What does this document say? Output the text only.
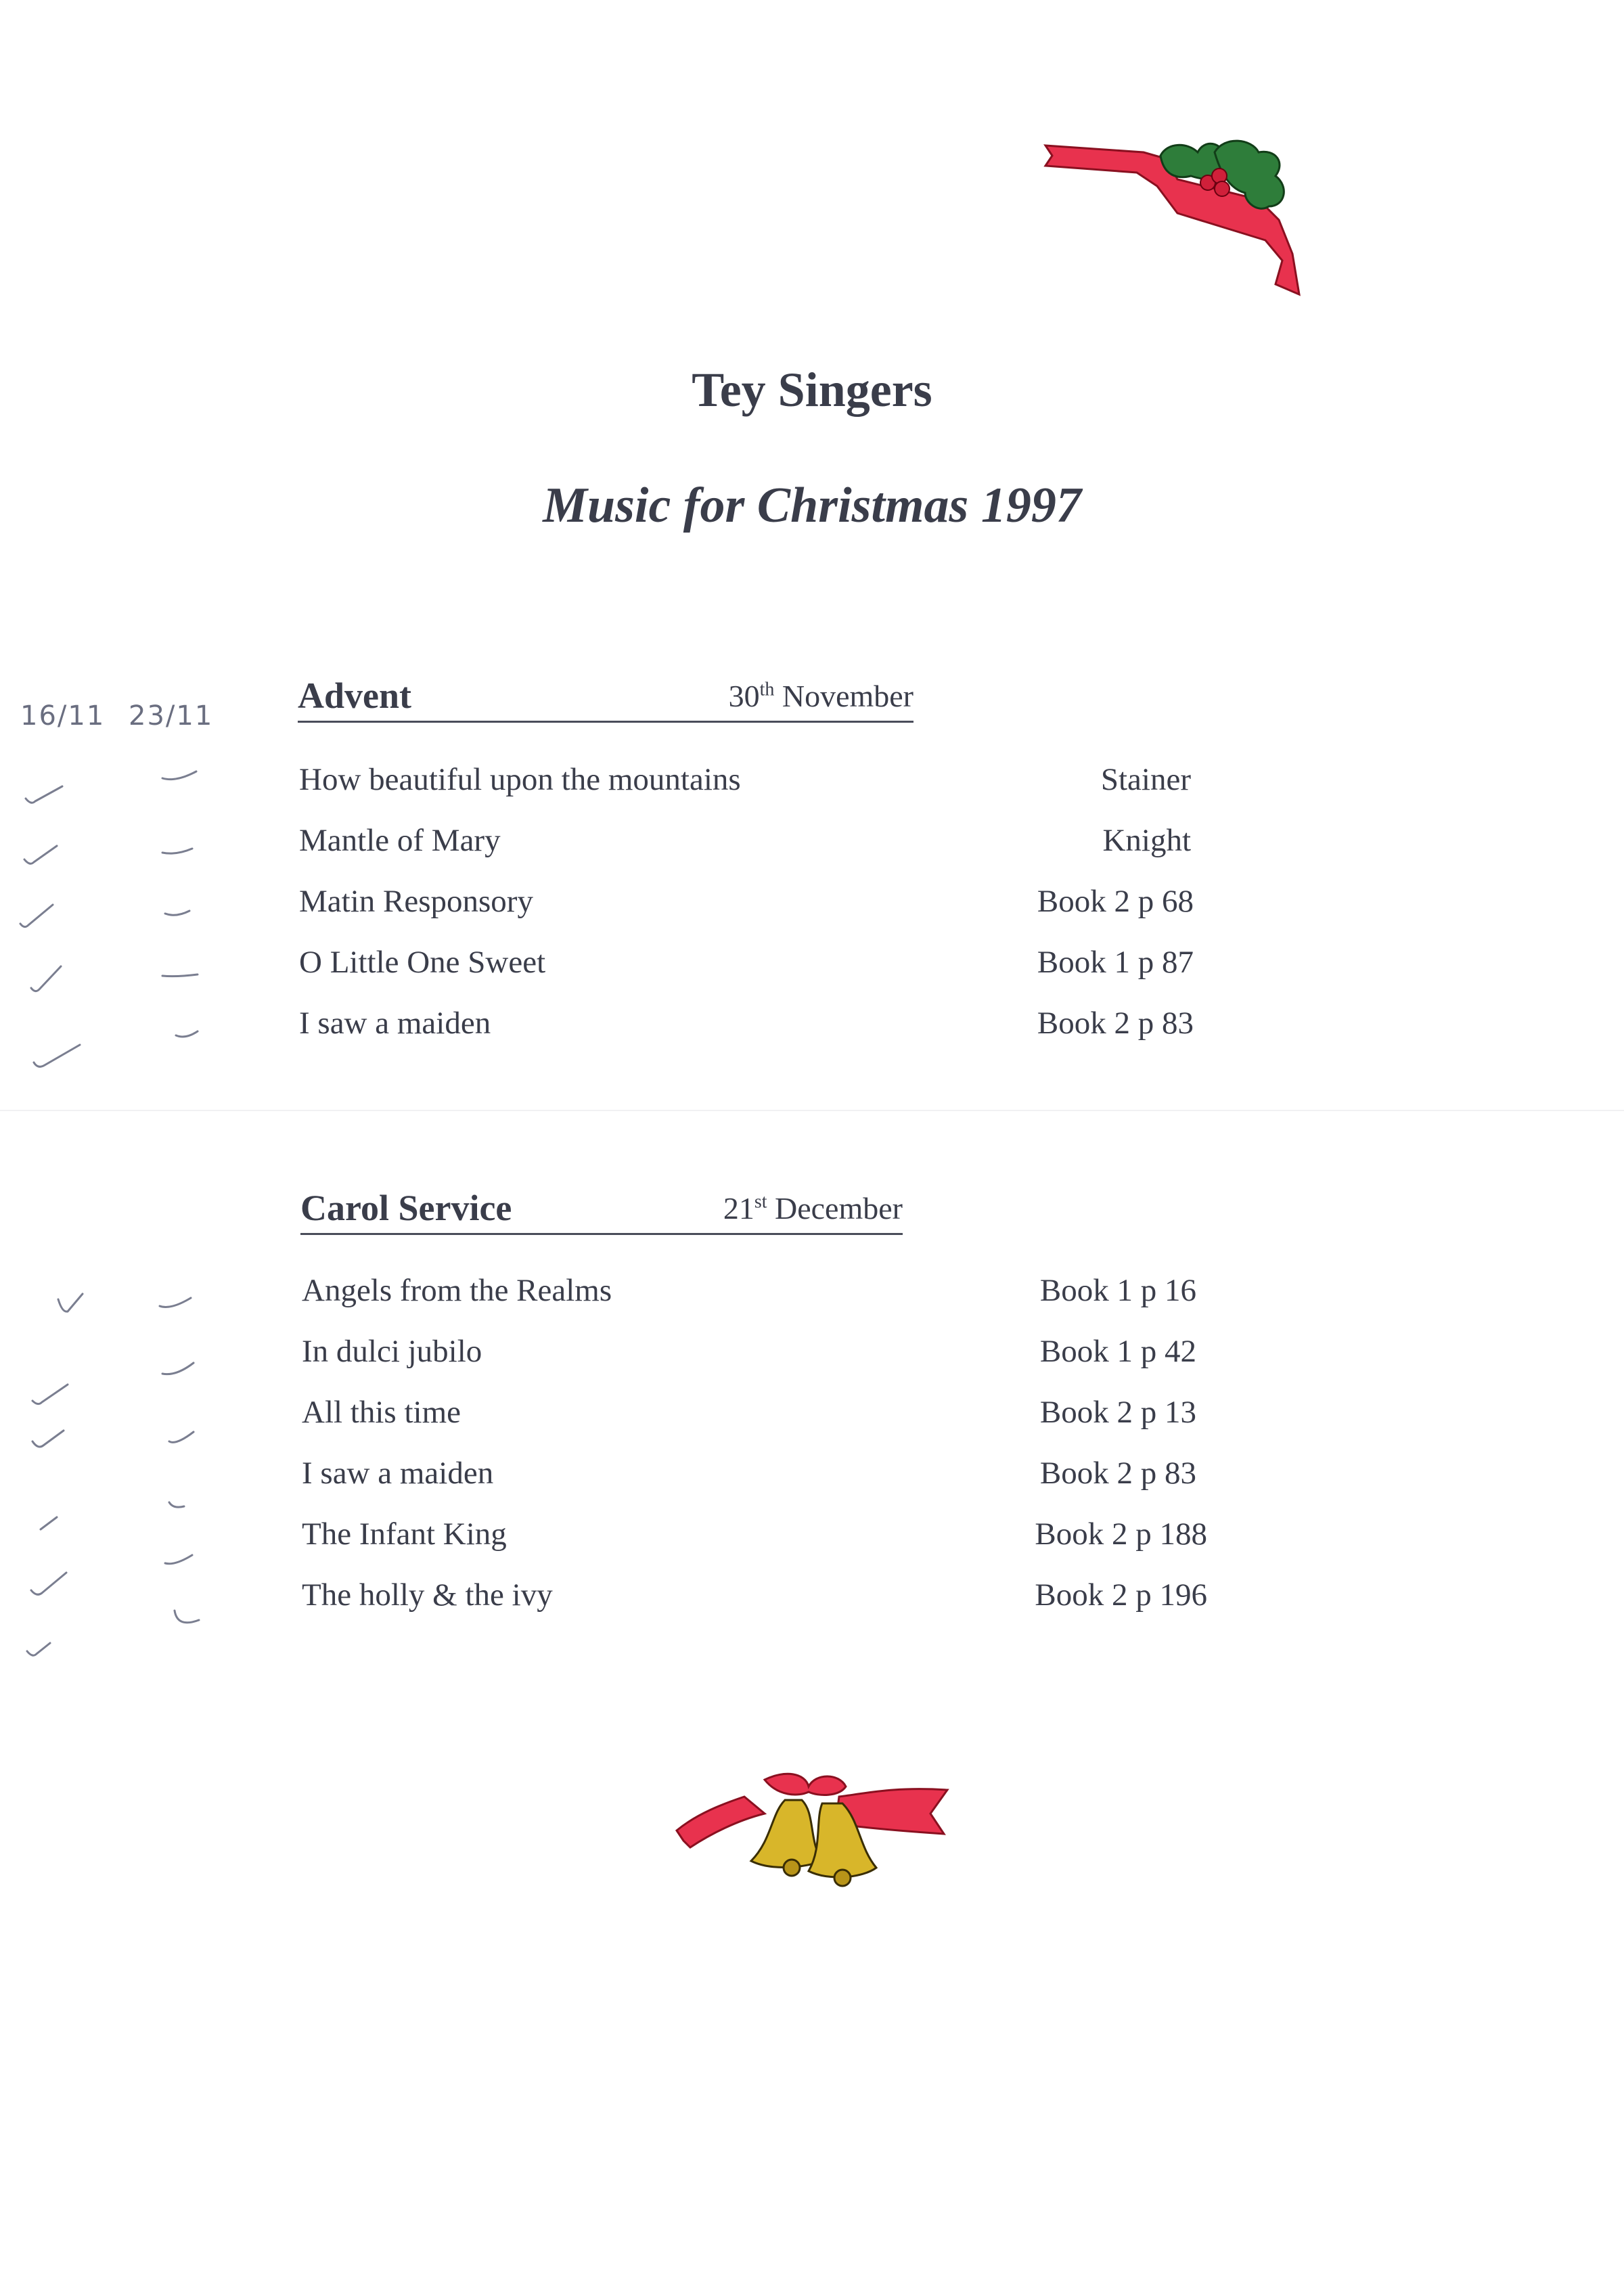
Tey Singers
Music for Christmas 1997
16/11 23/11 Advent	30th November
How beautiful upon the mountains	Stainer
Mantle of Mary	Knight
Matin Responsory	Book 2 p 68
O Little One Sweet	Book 1 p 87
I saw a maiden	Book 2 p 83
Carol Service	21st December
Angels from the Realms	Book 1 p 16
In dulci jubilo	Book 1 p 42
All this time	Book 2 p 13
I saw a maiden	Book 2 p 83
The Infant King	Book 2 p 188
The holly & the ivy	Book 2 p 196
